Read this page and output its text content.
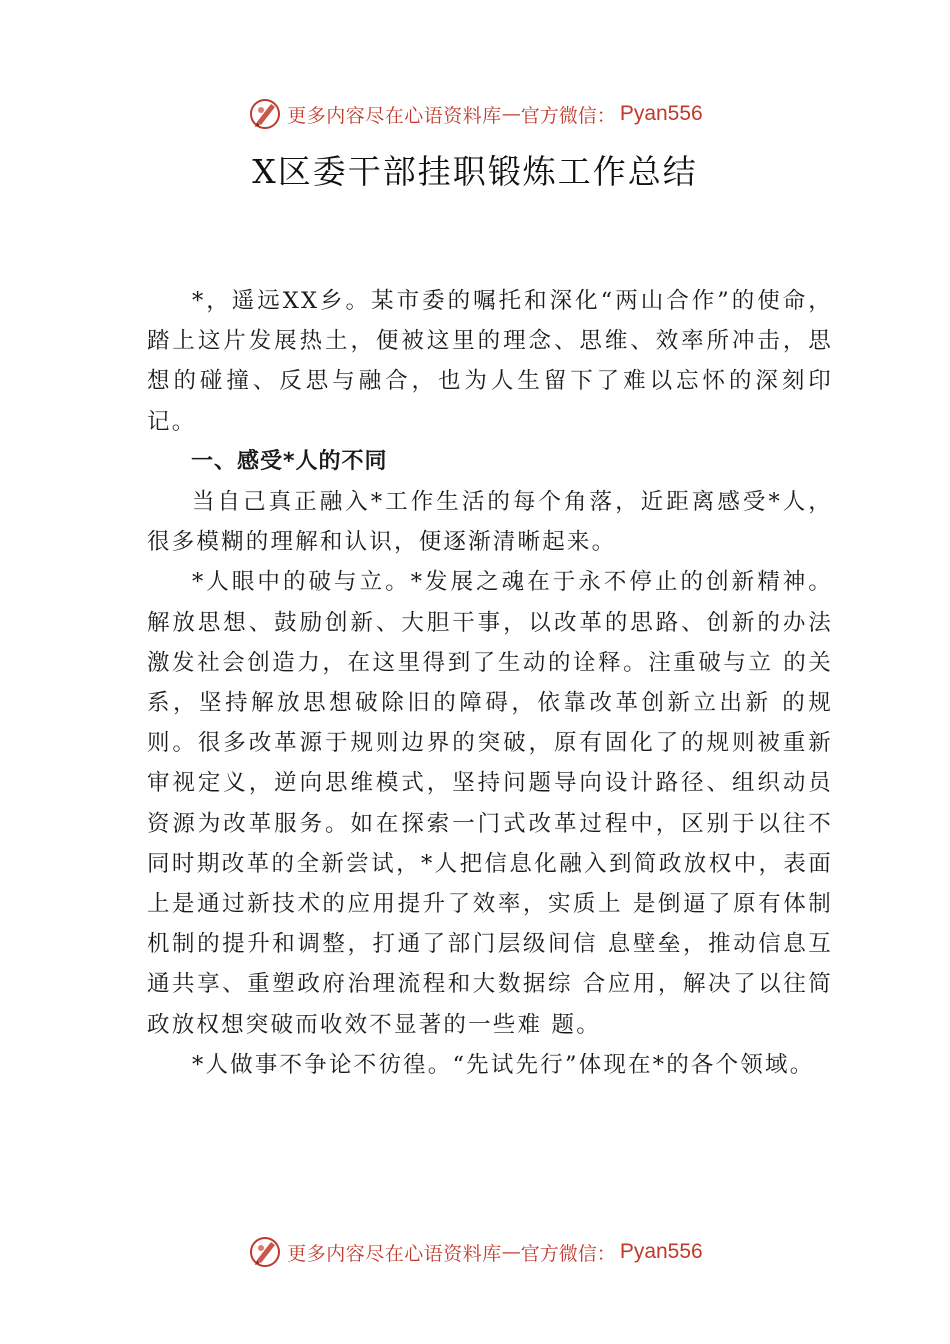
更多内容尽在心语资料库 — 官方微信： Pyan556
X区委干部挂职锻炼工作总结

*，遥远XX乡。某市委的嘱托和深化“两山合作”的使命，踏上这片发展热土，便被这里的理念、思维、效率所冲击，思想的碰撞、反思与融合，也为人生留下了难以忘怀的深刻印记。

一、感受*人的不同

当自己真正融入*工作生活的每个角落，近距离感受*人，很多模糊的理解和认识，便逐渐清晰起来。

*人眼中的破与立。*发展之魂在于永不停止的创新精神。解放思想、鼓励创新、大胆干事，以改革的思路、创新的办法激发社会创造力，在这里得到了生动的诠释。注重破与立 的关系，坚持解放思想破除旧的障碍，依靠改革创新立出新 的规则。很多改革源于规则边界的突破，原有固化了的规则被重新审视定义，逆向思维模式，坚持问题导向设计路径、组织动员资源为改革服务。如在探索一门式改革过程中，区别于以往不同时期改革的全新尝试，*人把信息化融入到简政放权中，表面上是通过新技术的应用提升了效率，实质上 是倒逼了原有体制机制的提升和调整，打通了部门层级间信 息壁垒，推动信息互通共享、重塑政府治理流程和大数据综 合应用，解决了以往简政放权想突破而收效不显著的一些难 题。

*人做事不争论不彷徨。“先试先行”体现在*的各个领域。

更多内容尽在心语资料库 — 官方微信： Pyan556
